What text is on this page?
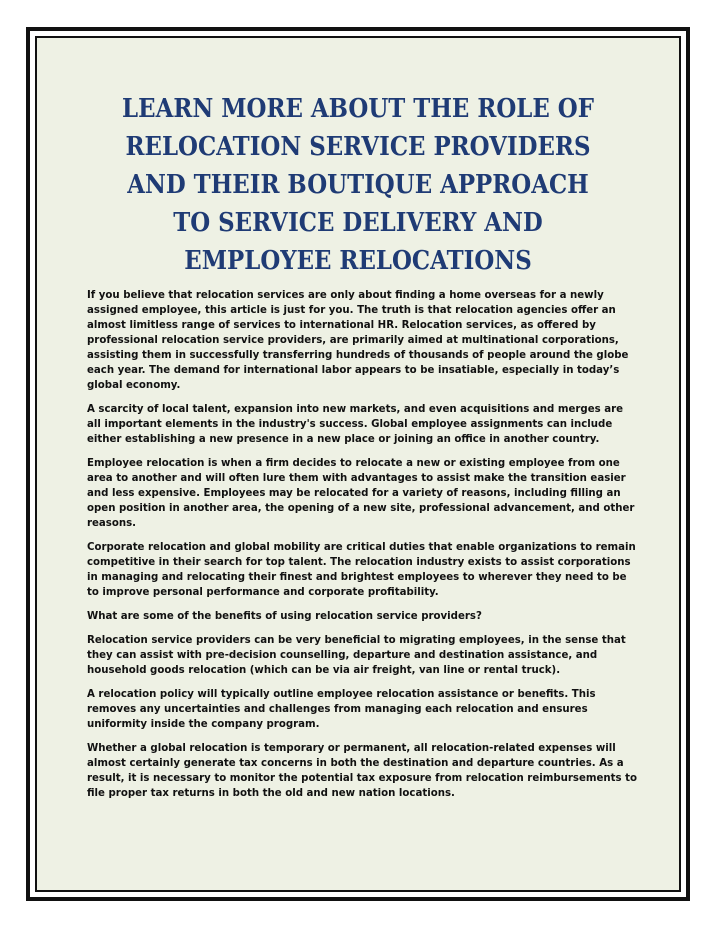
LEARN MORE ABOUT THE ROLE OF RELOCATION SERVICE PROVIDERS AND THEIR BOUTIQUE APPROACH TO SERVICE DELIVERY AND EMPLOYEE RELOCATIONS

If you believe that relocation services are only about finding a home overseas for a newly assigned employee, this article is just for you. The truth is that relocation agencies offer an almost limitless range of services to international HR. Relocation services, as offered by professional relocation service providers, are primarily aimed at multinational corporations, assisting them in successfully transferring hundreds of thousands of people around the globe each year. The demand for international labor appears to be insatiable, especially in today’s global economy.

A scarcity of local talent, expansion into new markets, and even acquisitions and merges are all important elements in the industry's success. Global employee assignments can include either establishing a new presence in a new place or joining an office in another country.

Employee relocation is when a firm decides to relocate a new or existing employee from one area to another and will often lure them with advantages to assist make the transition easier and less expensive. Employees may be relocated for a variety of reasons, including filling an open position in another area, the opening of a new site, professional advancement, and other reasons.

Corporate relocation and global mobility are critical duties that enable organizations to remain competitive in their search for top talent. The relocation industry exists to assist corporations in managing and relocating their finest and brightest employees to wherever they need to be to improve personal performance and corporate profitability.

What are some of the benefits of using relocation service providers?

Relocation service providers can be very beneficial to migrating employees, in the sense that they can assist with pre-decision counselling, departure and destination assistance, and household goods relocation (which can be via air freight, van line or rental truck).

A relocation policy will typically outline employee relocation assistance or benefits. This removes any uncertainties and challenges from managing each relocation and ensures uniformity inside the company program.

Whether a global relocation is temporary or permanent, all relocation-related expenses will almost certainly generate tax concerns in both the destination and departure countries. As a result, it is necessary to monitor the potential tax exposure from relocation reimbursements to file proper tax returns in both the old and new nation locations.
